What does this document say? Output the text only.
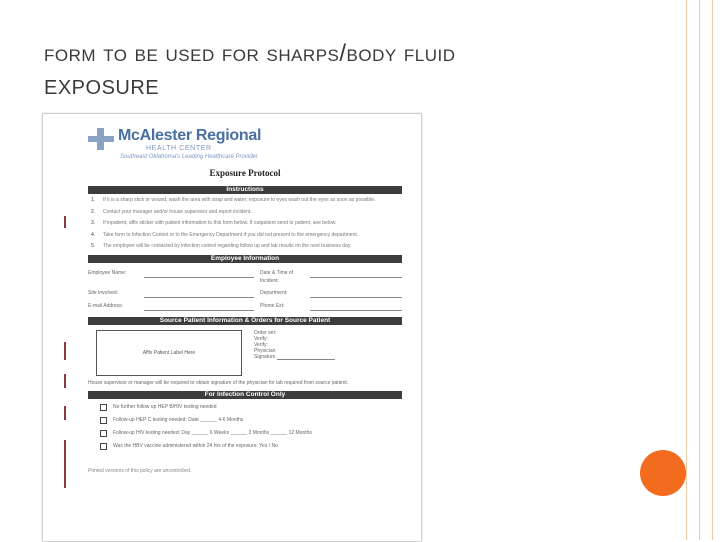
form to be used for sharps/body fluid
EXPOSURE
McAlester Regional
HEALTH CENTER
Southeast Oklahoma's Leading Healthcare Provider
Exposure Protocol
Instructions
1.	If it is a sharp stick or wound, wash the area with soap and water; exposure to eyes wash out the eyes as soon as possible.
2.	Contact your manager and/or house supervisor and report incident.
3.	If inpatient, affix sticker with patient information to this form below. If outpatient send to patient, see below.
4.	Take form to Infection Control or to the Emergency Department if you did not present to the emergency department.
5.	The employee will be contacted by infection control regarding follow up and lab results on the next business day.
Employee Information
Employee Name:	Date & Time of Incident:
Site Involved:	Department:
E-mail Address:	Phone Ext:
Source Patient Information & Orders for Source Patient
Affix Patient Label Here
Order set:
Verify:
Verify:
Physician
Signature
House supervisor or manager will be required to obtain signature of the physician for lab required from source patient.
For Infection Control Only
No further follow up HEP B/HIV testing needed
Follow-up HEP C testing needed: Date ______ 4-6 Months
Follow-up HIV testing needed: Day ______ 6 Weeks ______ 3 Months ______ 12 Months
Was the HBV vaccine administered within 24 hrs of the exposure: Yes / No
Printed versions of this policy are uncontrolled.
